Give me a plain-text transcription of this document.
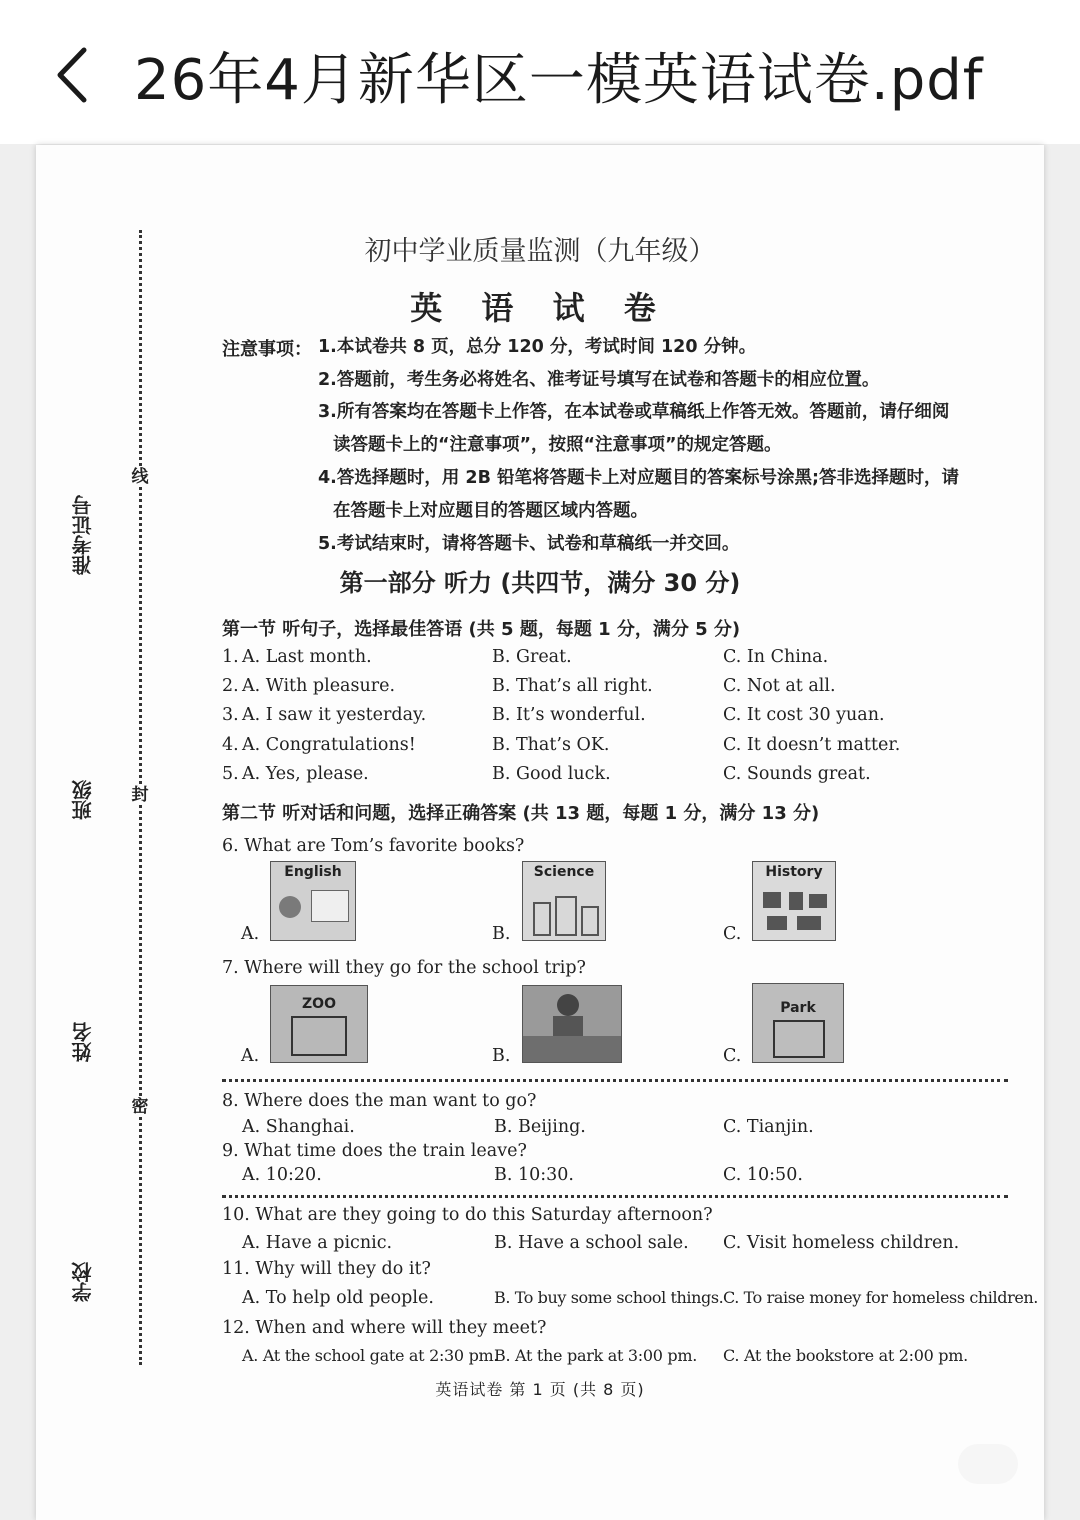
26年4月新华区一模英语试卷.pdf
线
封
密
准考证号
班级
姓名
学校
初中学业质量监测（九年级）
英 语 试 卷
注意事项： 1.本试卷共 8 页，总分 120 分，考试时间 120 分钟。
2.答题前，考生务必将姓名、准考证号填写在试卷和答题卡的相应位置。
3.所有答案均在答题卡上作答，在本试卷或草稿纸上作答无效。答题前，请仔细阅
读答题卡上的“注意事项”，按照“注意事项”的规定答题。
4.答选择题时，用 2B 铅笔将答题卡上对应题目的答案标号涂黑;答非选择题时，请
在答题卡上对应题目的答题区域内答题。
5.考试结束时，请将答题卡、试卷和草稿纸一并交回。
第一部分 听力 (共四节，满分 30 分)
第一节 听句子，选择最佳答语 (共 5 题，每题 1 分，满分 5 分)
1. A. Last month.	B. Great.	C. In China.
2. A. With pleasure.	B. That’s all right.	C. Not at all.
3. A. I saw it yesterday.	B. It’s wonderful.	C. It cost 30 yuan.
4. A. Congratulations!	B. That’s OK.	C. It doesn’t matter.
5. A. Yes, please.	B. Good luck.	C. Sounds great.
第二节 听对话和问题，选择正确答案 (共 13 题，每题 1 分，满分 13 分)
6. What are Tom’s favorite books?
A.
English
B.
Science
C.
History
7. Where will they go for the school trip?
A.
ZOO
B.	C.
Park
8. Where does the man want to go?
A. Shanghai.	B. Beijing.	C. Tianjin.
9. What time does the train leave?
A. 10:20.	B. 10:30.	C. 10:50.
10. What are they going to do this Saturday afternoon?
A. Have a picnic.	B. Have a school sale. C. Visit homeless children.
11. Why will they do it?
A. To help old people.	B. To buy some school things. C. To raise money for homeless children.
12. When and where will they meet?
A. At the school gate at 2:30 pm.
B. At the park at 3:00 pm. C. At the bookstore at 2:00 pm.
英语试卷 第 1 页 (共 8 页)
